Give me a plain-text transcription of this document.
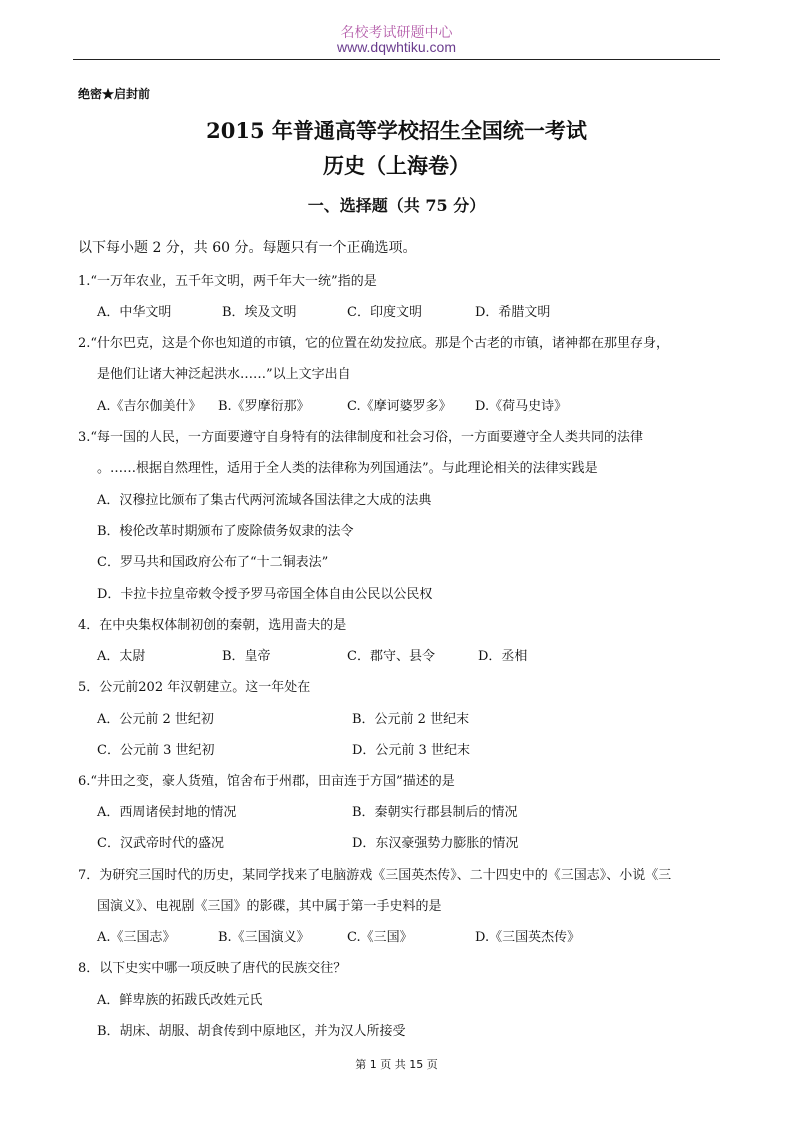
名校考试研题中心
www.dqwhtiku.com
绝密★启封前
2015 年普通高等学校招生全国统一考试
历史（上海卷）
一、选择题（共 75 分）
以下每小题 2 分，共 60 分。每题只有一个正确选项。
1.“一万年农业，五千年文明，两千年大一统”指的是
A．中华文明	B．埃及文明	C．印度文明	D．希腊文明
2.“什尔巴克，这是个你也知道的市镇，它的位置在幼发拉底。那是个古老的市镇，诸神都在那里存身，
是他们让诸大神泛起洪水……”以上文字出自
A.《吉尔伽美什》 B.《罗摩衍那》	C.《摩诃婆罗多》 D.《荷马史诗》
3.“每一国的人民，一方面要遵守自身特有的法律制度和社会习俗，一方面要遵守全人类共同的法律
。……根据自然理性，适用于全人类的法律称为列国通法”。与此理论相关的法律实践是
A．汉穆拉比颁布了集古代两河流域各国法律之大成的法典
B．梭伦改革时期颁布了废除债务奴隶的法令
C．罗马共和国政府公布了“十二铜表法”
D．卡拉卡拉皇帝敕令授予罗马帝国全体自由公民以公民权
4．在中央集权体制初创的秦朝，选用啬夫的是
A．太尉	B．皇帝	C．郡守、县令	D．丞相
5．公元前202 年汉朝建立。这一年处在
A．公元前 2 世纪初	B．公元前 2 世纪末
C．公元前 3 世纪初	D．公元前 3 世纪末
6.“井田之变，豪人货殖，馆舍布于州郡，田亩连于方国”描述的是
A．西周诸侯封地的情况	B．秦朝实行郡县制后的情况
C．汉武帝时代的盛况	D．东汉豪强势力膨胀的情况
7．为研究三国时代的历史，某同学找来了电脑游戏《三国英杰传》、二十四史中的《三国志》、小说《三
国演义》、电视剧《三国》的影碟，其中属于第一手史料的是
A.《三国志》	B.《三国演义》	C.《三国》	D.《三国英杰传》
8．以下史实中哪一项反映了唐代的民族交往？
A．鲜卑族的拓跋氏改姓元氏
B．胡床、胡服、胡食传到中原地区，并为汉人所接受
第 1 页 共 15 页
